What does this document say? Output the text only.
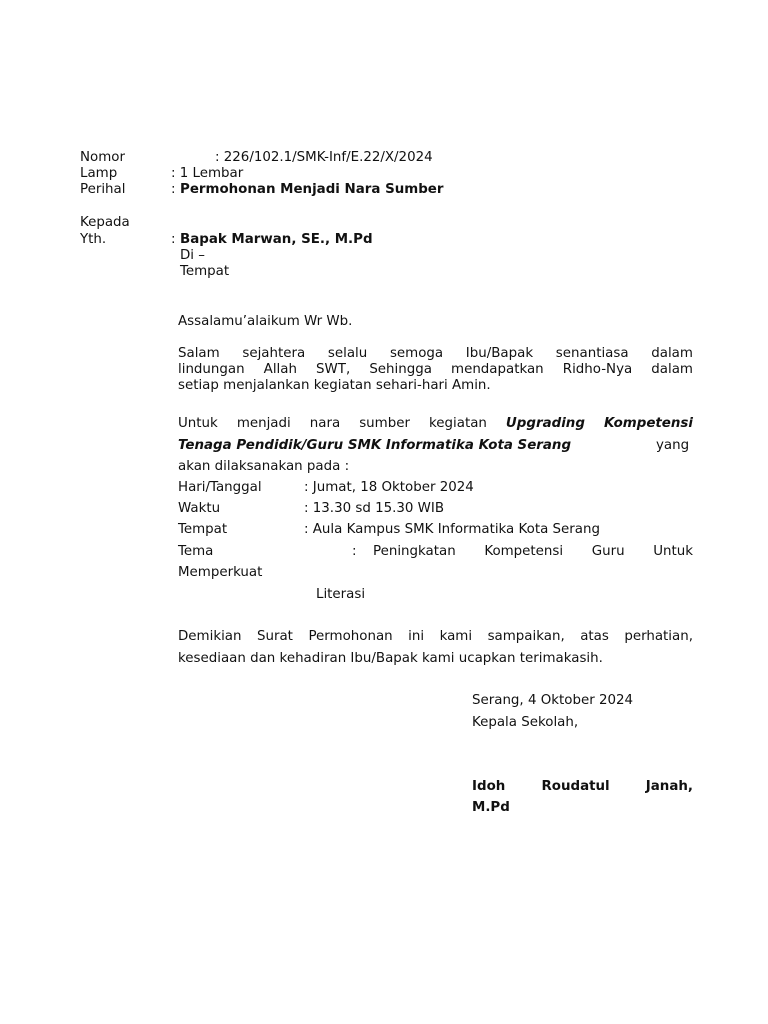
Nomor	: 226/102.1/SMK-Inf/E.22/X/2024
Lamp	: 1 Lembar
Perihal	: Permohonan Menjadi Nara Sumber
Kepada
Yth.	: Bapak Marwan, SE., M.Pd
Di –
Tempat
Assalamu’alaikum Wr Wb.
Salam sejahtera selalu semoga Ibu/Bapak senantiasa dalam
lindungan Allah SWT, Sehingga mendapatkan Ridho-Nya dalam
setiap menjalankan kegiatan sehari-hari Amin.
Untuk menjadi nara sumber kegiatan Upgrading Kompetensi
Tenaga Pendidik/Guru SMK Informatika Kota Serang	yang
akan dilaksanakan pada :
Hari/Tanggal	: Jumat, 18 Oktober 2024
Waktu	: 13.30 sd 15.30 WIB
Tempat	: Aula Kampus SMK Informatika Kota Serang
Tema	: Peningkatan Kompetensi Guru Untuk
Memperkuat
Literasi
Demikian Surat Permohonan ini kami sampaikan, atas perhatian,
kesediaan dan kehadiran Ibu/Bapak kami ucapkan terimakasih.
Serang, 4 Oktober 2024
Kepala Sekolah,
Idoh	Roudatul	Janah,
M.Pd
